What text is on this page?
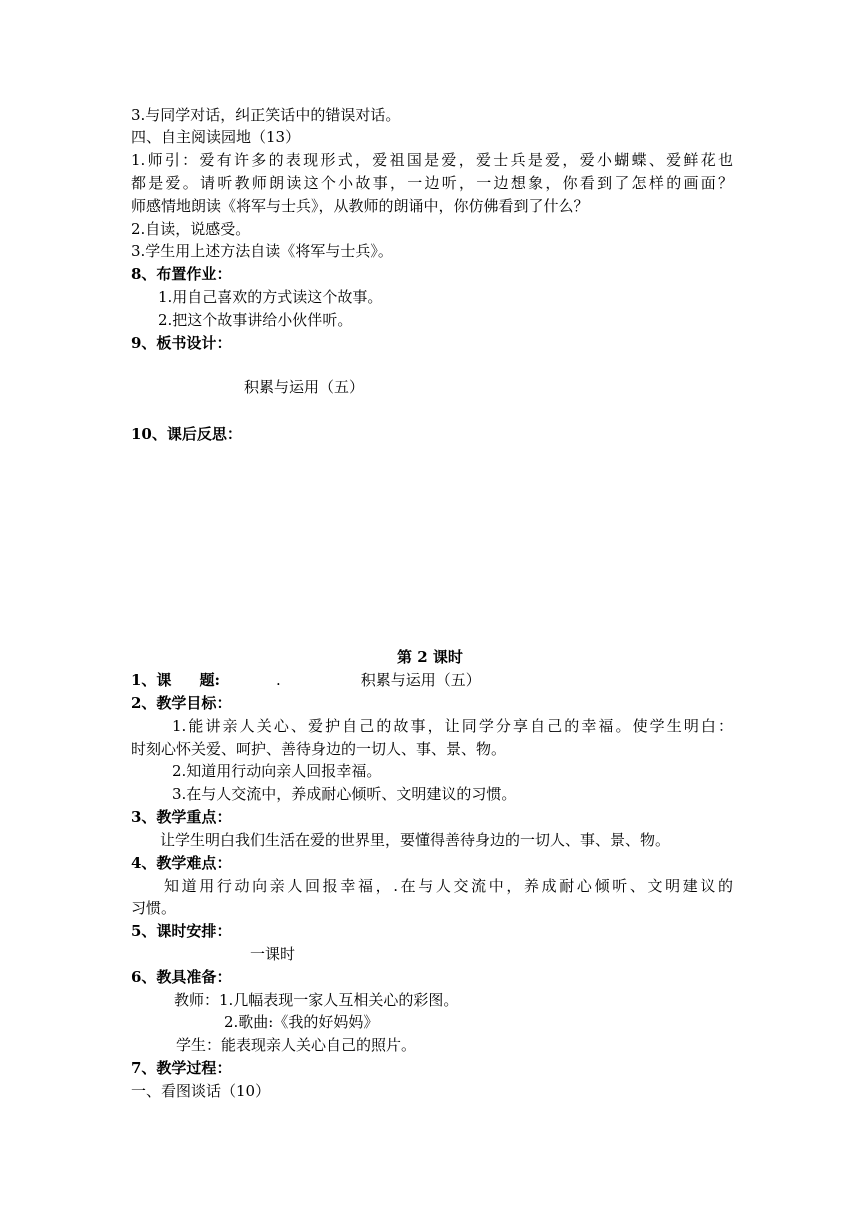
3.与同学对话，纠正笑话中的错误对话。
四、自主阅读园地（13）
1.师引：爱有许多的表现形式，爱祖国是爱，爱士兵是爱，爱小蝴蝶、爱鲜花也
都是爱。请听教师朗读这个小故事，一边听，一边想象，你看到了怎样的画面？
师感情地朗读《将军与士兵》，从教师的朗诵中，你仿佛看到了什么？
2.自读，说感受。
3.学生用上述方法自读《将军与士兵》。
8、布置作业：
1.用自己喜欢的方式读这个故事。
2.把这个故事讲给小伙伴听。
9、板书设计：
积累与运用（五）
10、课后反思：
第 2 课时
1、课 题:	.	积累与运用（五）
2、教学目标：
1.能讲亲人关心、爱护自己的故事，让同学分享自己的幸福。使学生明白：
时刻心怀关爱、呵护、善待身边的一切人、事、景、物。
2.知道用行动向亲人回报幸福。
3.在与人交流中，养成耐心倾听、文明建议的习惯。
3、教学重点：
让学生明白我们生活在爱的世界里，要懂得善待身边的一切人、事、景、物。
4、教学难点：
知道用行动向亲人回报幸福，.在与人交流中，养成耐心倾听、文明建议的
习惯。
5、课时安排：
一课时
6、教具准备：
教师：1.几幅表现一家人互相关心的彩图。
2.歌曲:《我的好妈妈》
学生：能表现亲人关心自己的照片。
7、教学过程：
一、看图谈话（10）
